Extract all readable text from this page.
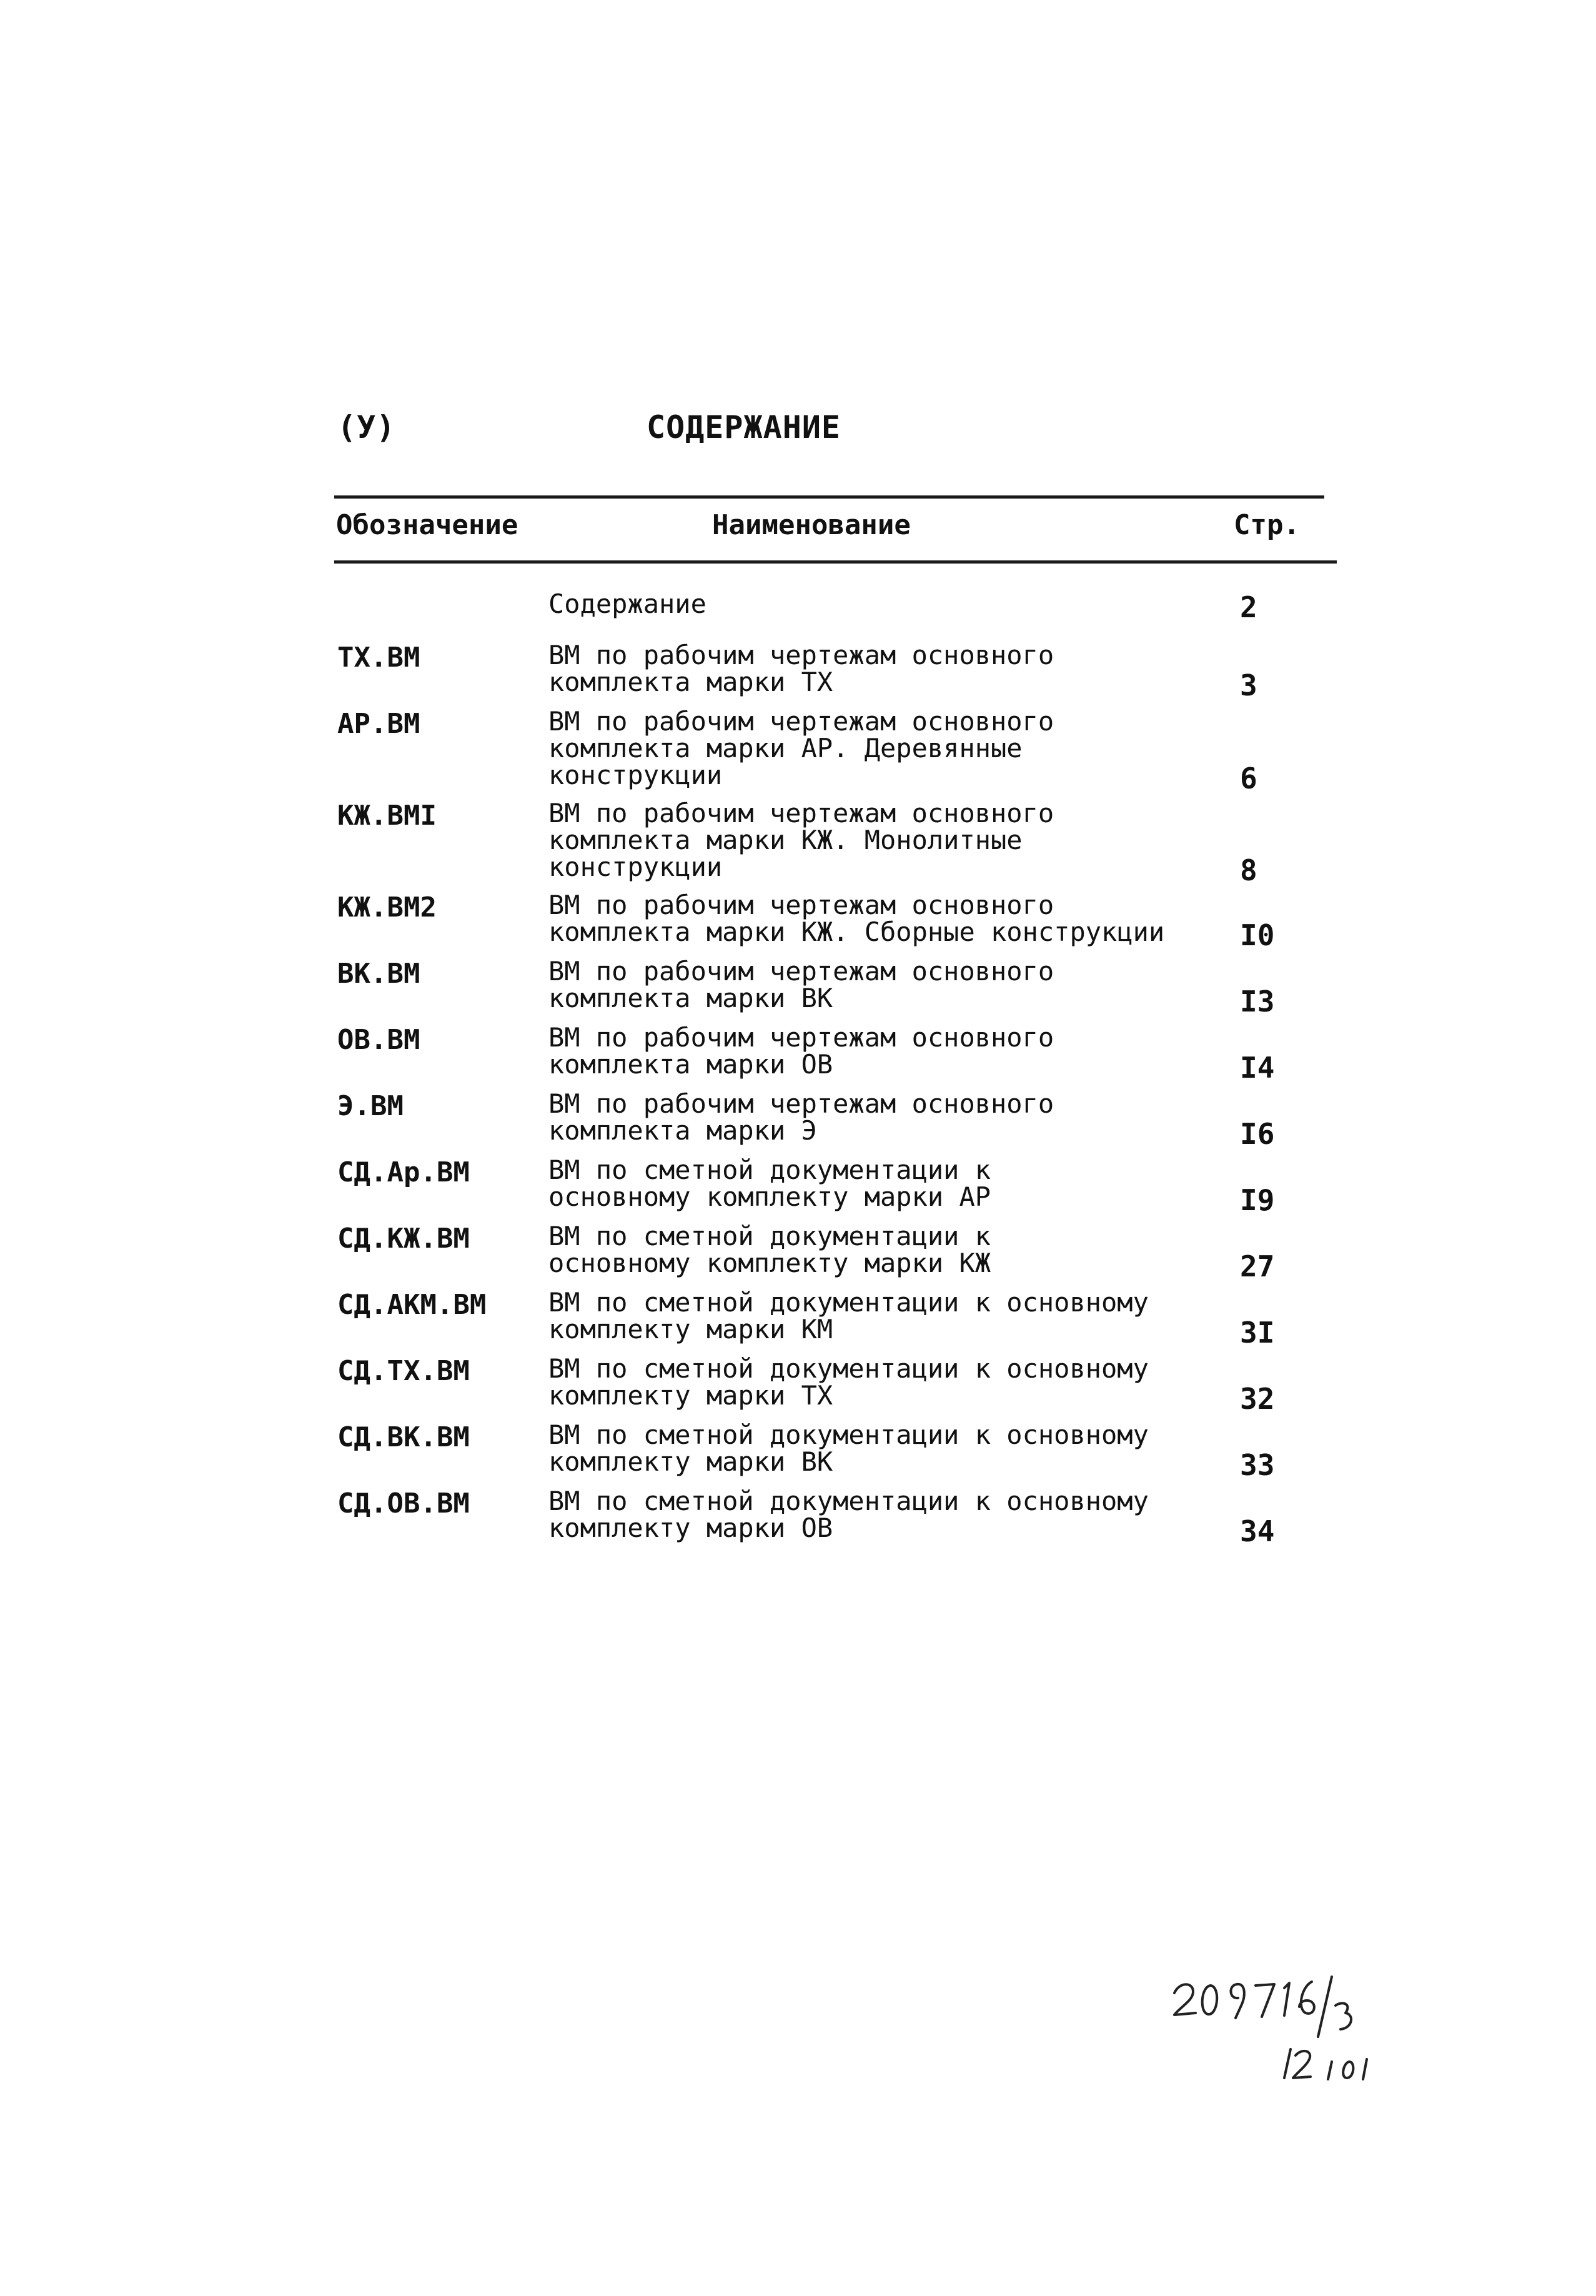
(У)	СОДЕРЖАНИЕ
Обозначение	Наименование	Стр.
Содержание	2
ТХ.ВМ	ВМ по рабочим чертежам основного
комплекта марки ТХ	3
АР.ВМ	ВМ по рабочим чертежам основного
комплекта марки АР. Деревянные
конструкции	6
КЖ.ВМI	ВМ по рабочим чертежам основного
комплекта марки КЖ. Монолитные
конструкции	8
КЖ.ВМ2	ВМ по рабочим чертежам основного
комплекта марки КЖ. Сборные конструкции	I0
ВК.ВМ	ВМ по рабочим чертежам основного
комплекта марки ВК	I3
ОВ.ВМ	ВМ по рабочим чертежам основного
комплекта марки ОВ	I4
Э.ВМ	ВМ по рабочим чертежам основного
комплекта марки Э	I6
СД.Ар.ВМ	ВМ по сметной документации к
основному комплекту марки АР	I9
СД.КЖ.ВМ	ВМ по сметной документации к
основному комплекту марки КЖ	27
СД.АКМ.ВМ ВМ по сметной документации к основному
комплекту марки КМ	3I
СД.ТХ.ВМ	ВМ по сметной документации к основному
комплекту марки ТХ	32
СД.ВК.ВМ	ВМ по сметной документации к основному
комплекту марки ВК	33
СД.ОВ.ВМ	ВМ по сметной документации к основному
комплекту марки ОВ	34
